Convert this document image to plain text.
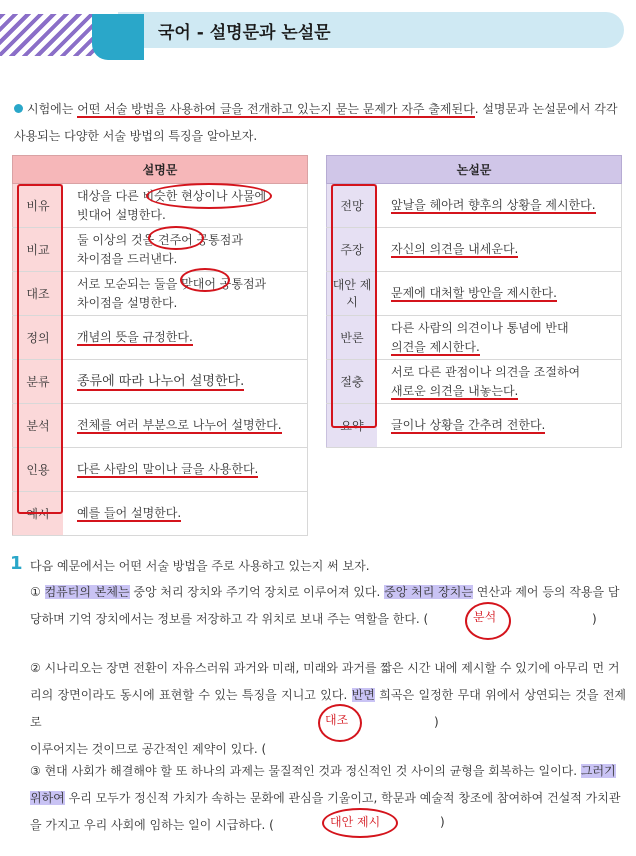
국어 - 설명문과 논설문
시험에는 어떤 서술 방법을 사용하여 글을 전개하고 있는지 묻는 문제가 자주 출제된다. 설명문과 논설문에서 각각
사용되는 다양한 서술 방법의 특징을 알아보자.
설명문	
비유	대상을 다른 비슷한 현상이나 사물에
빗대어 설명한다.
비교	둘 이상의 것을 견주어 공통점과
차이점을 드러낸다.
대조	서로 모순되는 둘을 맞대어 공통점과
차이점을 설명한다.
정의	개념의 뜻을 규정한다.
분류	종류에 따라 나누어 설명한다.
분석	전체를 여러 부분으로 나누어 설명한다.
인용	다른 사람의 말이나 글을 사용한다.
예시	예를 들어 설명한다.
논설문	
전망	앞날을 헤아려 향후의 상황을 제시한다.
주장	자신의 의견을 내세운다.
대안 제시	문제에 대처할 방안을 제시한다.
반론	다른 사람의 의견이나 통념에 반대
의견을 제시한다.
절충	서로 다른 관점이나 의견을 조절하여
새로운 의견을 내놓는다.
요약	글이나 상황을 간추려 전한다.
1 다음 예문에서는 어떤 서술 방법을 주로 사용하고 있는지 써 보자.
① 컴퓨터의 본체는 중앙 처리 장치와 주기억 장치로 이루어져 있다. 중앙 처리 장치는 연산과 제어 등의 작용을 담
당하며 기억 장치에서는 정보를 저장하고 각 위치로 보내 주는 역할을 한다. (	분석	)
② 시나리오는 장면 전환이 자유스러워 과거와 미래, 미래와 과거를 짧은 시간 내에 제시할 수 있기에 아무리 먼 거
리의 장면이라도 동시에 표현할 수 있는 특징을 지니고 있다. 반면 희곡은 일정한 무대 위에서 상연되는 것을 전제로
이루어지는 것이므로 공간적인 제약이 있다. (
대조	)
③ 현대 사회가 해결해야 할 또 하나의 과제는 물질적인 것과 정신적인 것 사이의 균형을 회복하는 일이다. 그러기
위하여 우리 모두가 정신적 가치가 속하는 문화에 관심을 기울이고, 학문과 예술적 창조에 참여하여 건설적 가치관
을 가지고 우리 사회에 임하는 일이 시급하다. (	대안 제시	)
